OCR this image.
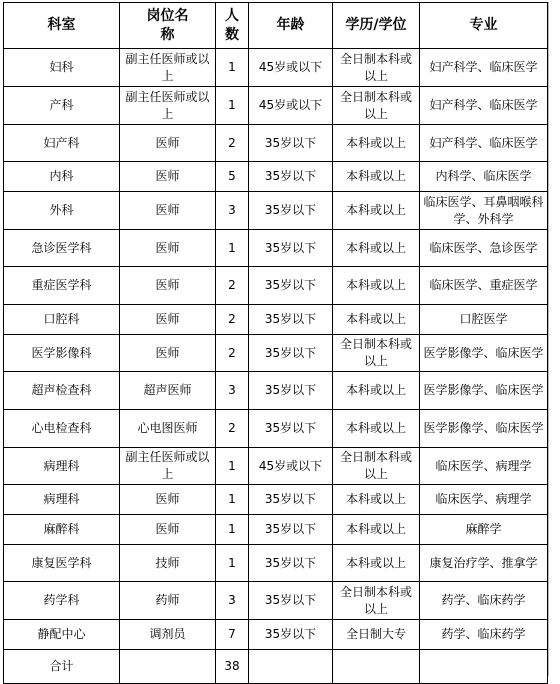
科室	岗位名称	人数	年龄	学历/学位	专业
妇科	副主任医师或以上	1	45岁或以下	全日制本科或以上	妇产科学、临床医学
产科	副主任医师或以上	1	45岁或以下	全日制本科或以上	妇产科学、临床医学
妇产科	医师	2	35岁以下	本科或以上	妇产科学、临床医学
内科	医师	5	35岁以下	本科或以上	内科学、临床医学
外科	医师	3	35岁以下	本科或以上	临床医学、耳鼻咽喉科学、外科学
急诊医学科	医师	1	35岁以下	本科或以上	临床医学、急诊医学
重症医学科	医师	2	35岁以下	本科或以上	临床医学、重症医学
口腔科	医师	2	35岁以下	本科或以上	口腔医学
医学影像科	医师	2	35岁以下	全日制本科或以上	医学影像学、临床医学
超声检查科	超声医师	3	35岁以下	本科或以上	医学影像学、临床医学
心电检查科	心电图医师	2	35岁以下	本科或以上	医学影像学、临床医学
病理科	副主任医师或以上	1	45岁或以下	全日制本科或以上	临床医学、病理学
病理科	医师	1	35岁以下	本科或以上	临床医学、病理学
麻醉科	医师	1	35岁以下	本科或以上	麻醉学
康复医学科	技师	1	35岁以下	本科或以上	康复治疗学、推拿学
药学科	药师	3	35岁以下	全日制本科或以上	药学、临床药学
静配中心	调剂员	7	35岁以下	全日制大专	药学、临床药学
合计		38			
